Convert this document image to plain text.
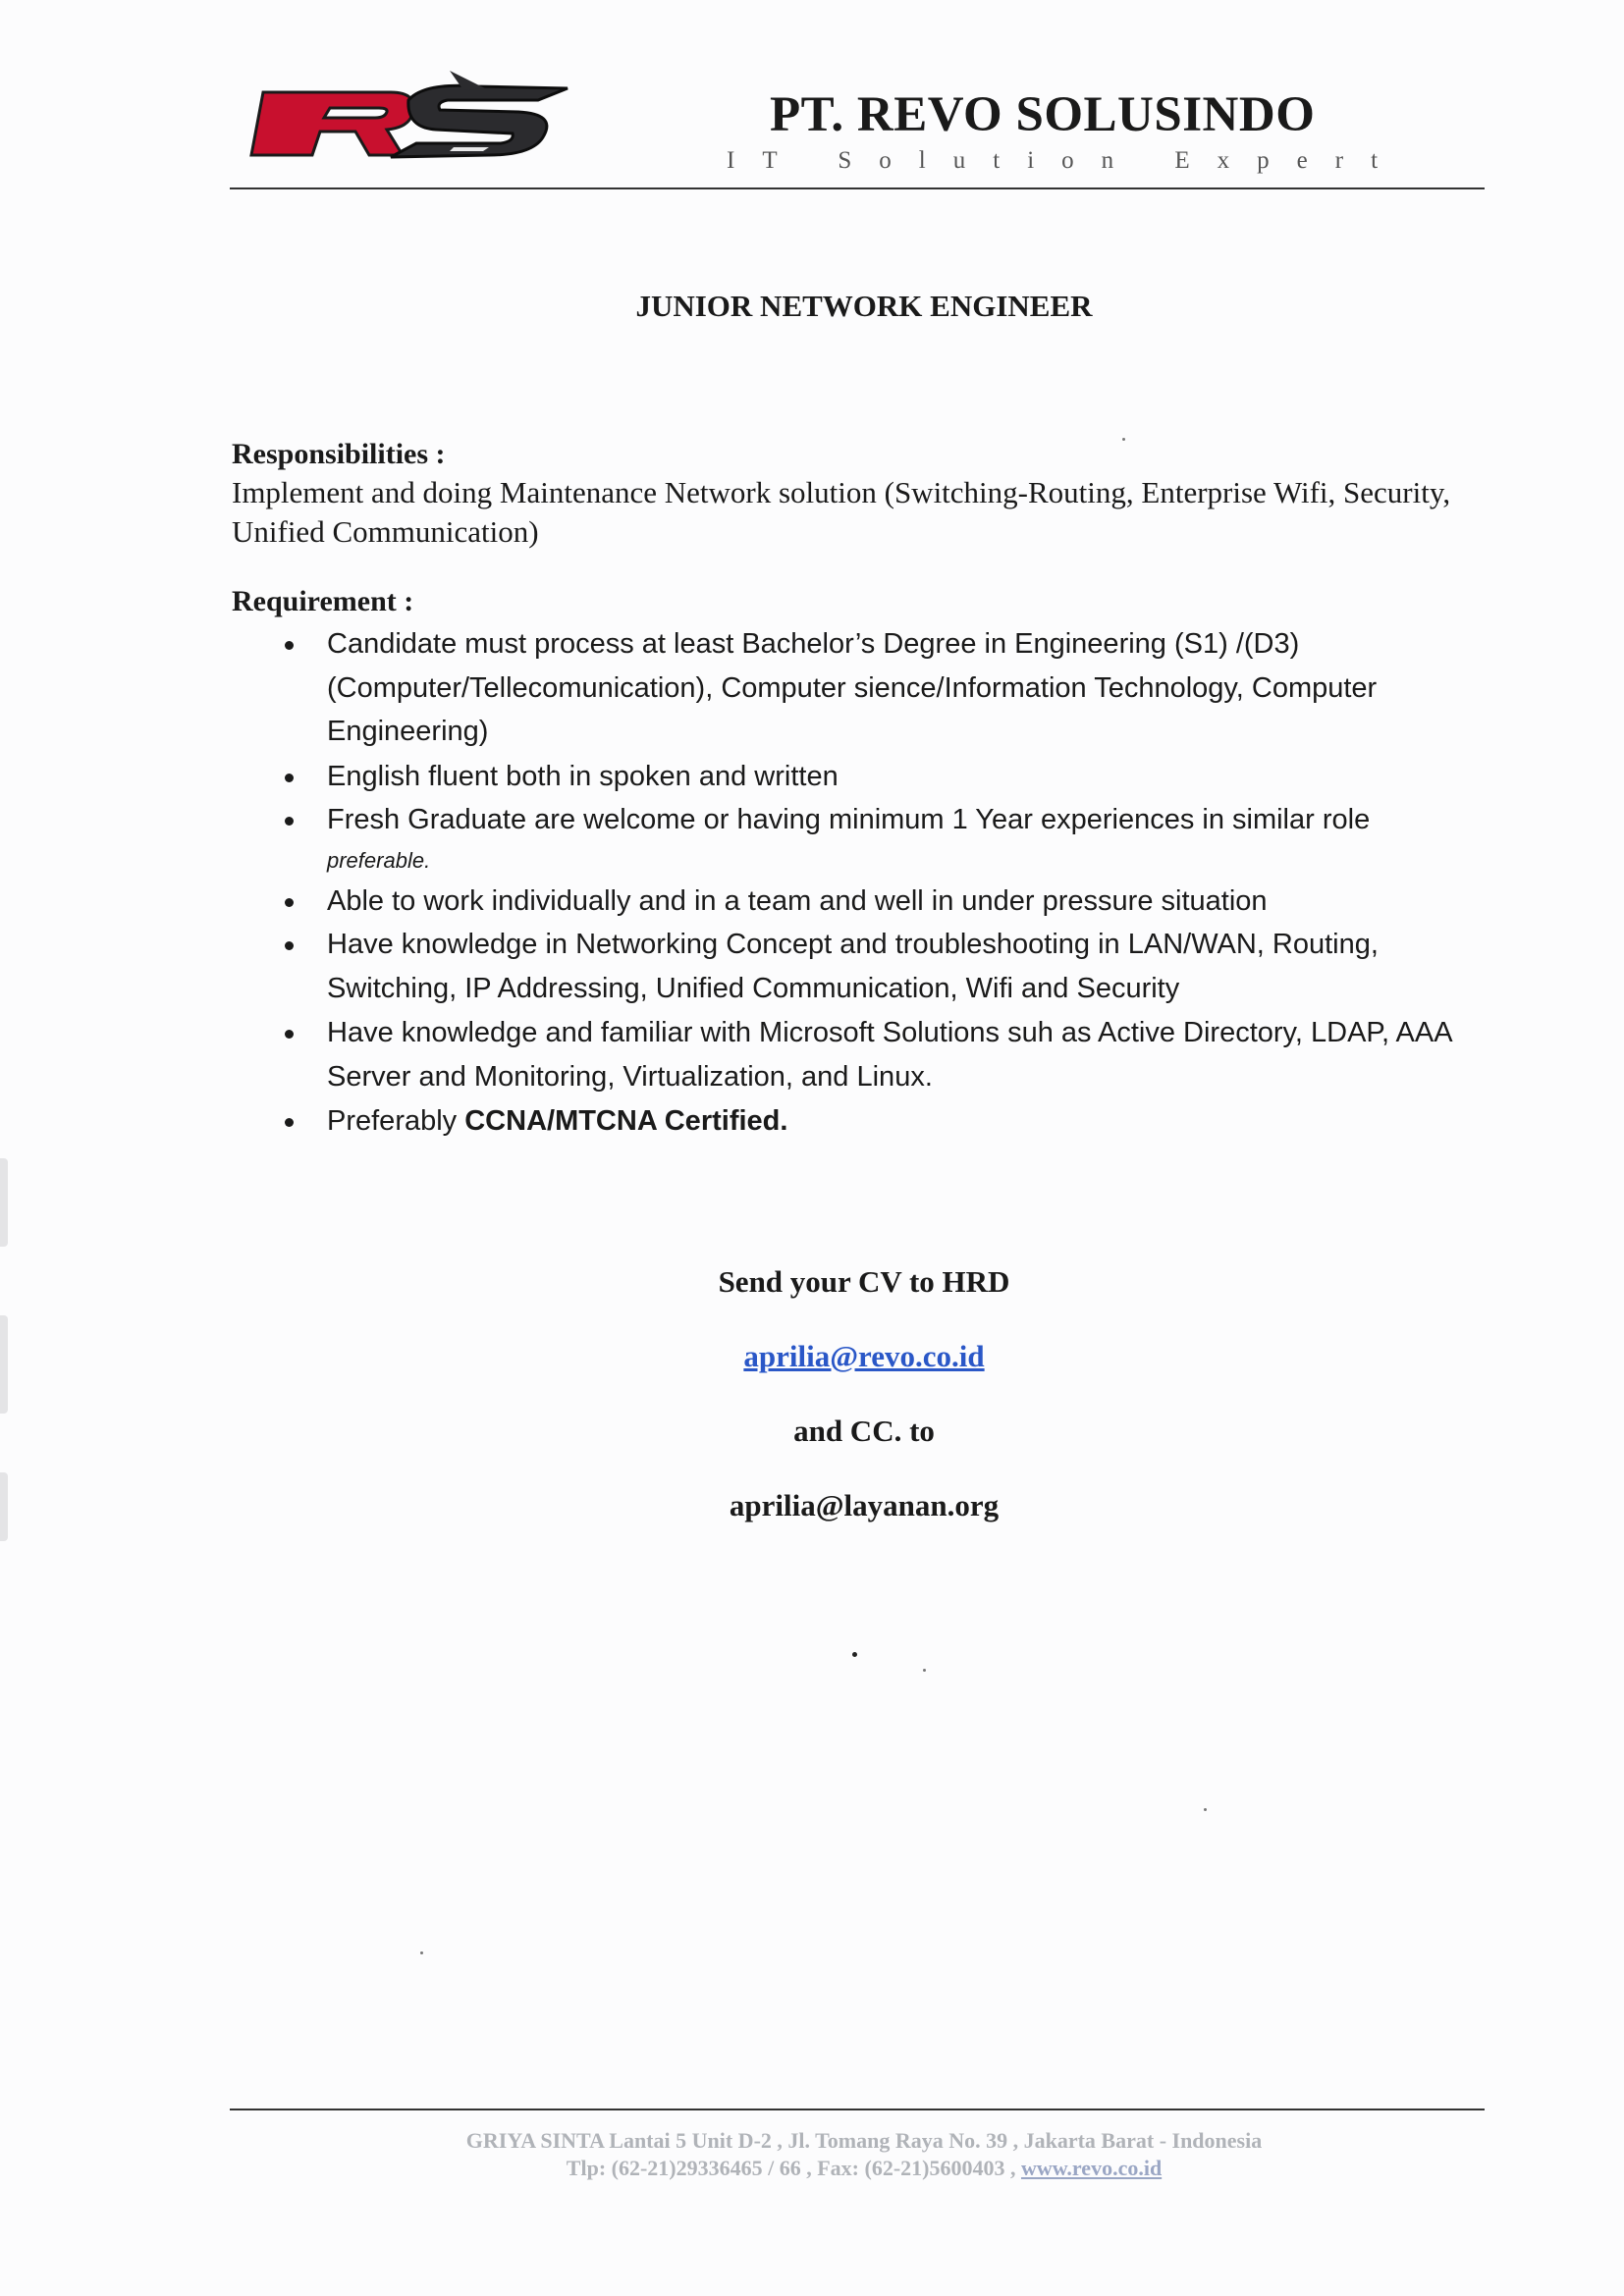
PT. REVO SOLUSINDO
IT Solution Expert
JUNIOR NETWORK ENGINEER
Responsibilities :
Implement and doing Maintenance Network solution (Switching-Routing, Enterprise Wifi, Security, Unified Communication)
Requirement :
Candidate must process at least Bachelor’s Degree in Engineering (S1) /(D3) (Computer/Tellecomunication), Computer sience/Information Technology, Computer Engineering)
English fluent both in spoken and written
Fresh Graduate are welcome or having minimum 1 Year experiences in similar role
preferable.
Able to work individually and in a team and well in under pressure situation
Have knowledge in Networking Concept and troubleshooting in LAN/WAN, Routing, Switching, IP Addressing, Unified Communication, Wifi and Security
Have knowledge and familiar with Microsoft Solutions suh as Active Directory, LDAP, AAA Server and Monitoring, Virtualization, and Linux.
Preferably CCNA/MTCNA Certified.
Send your CV to HRD
aprilia@revo.co.id
and CC. to
aprilia@layanan.org
GRIYA SINTA Lantai 5 Unit D-2 , Jl. Tomang Raya No. 39 , Jakarta Barat - Indonesia
Tlp: (62-21)29336465 / 66 , Fax: (62-21)5600403 , www.revo.co.id
